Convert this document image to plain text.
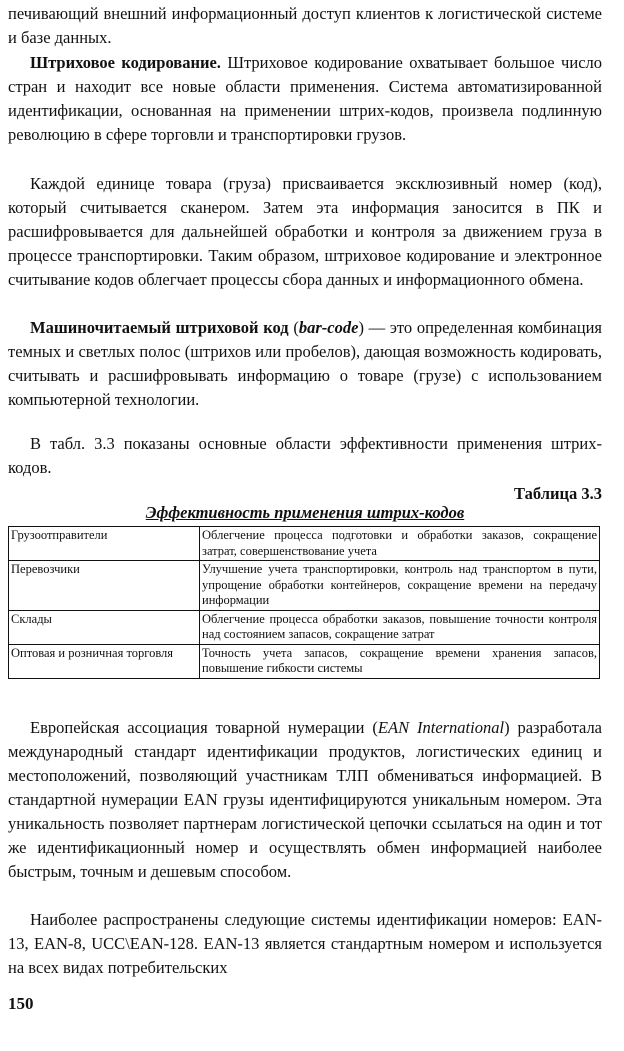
печивающий внешний информационный доступ клиентов к логистической системе и базе данных.

Штриховое кодирование. Штриховое кодирование охватывает большое число стран и находит все новые области применения. Система автоматизированной идентификации, основанная на применении штрих-кодов, произвела подлинную революцию в сфере торговли и транспортировки грузов.

Каждой единице товара (груза) присваивается эксклюзивный номер (код), который считывается сканером. Затем эта информация заносится в ПК и расшифровывается для дальнейшей обработки и контроля за движением груза в процессе транспортировки. Таким образом, штриховое кодирование и электронное считывание кодов облегчает процессы сбора данных и информационного обмена.

Машиночитаемый штриховой код (bar-code) — это определенная комбинация темных и светлых полос (штрихов или пробелов), дающая возможность кодировать, считывать и расшифровывать информацию о товаре (грузе) с использованием компьютерной технологии.

В табл. 3.3 показаны основные области эффективности применения штрих-кодов.

Таблица 3.3
Эффективность применения штрих-кодов
Грузоотправители	Облегчение процесса подготовки и обработки заказов, сокращение затрат, совершенствование учета
Перевозчики	Улучшение учета транспортировки, контроль над транспортом в пути, упрощение обработки контейнеров, сокращение времени на передачу информации
Склады	Облегчение процесса обработки заказов, повышение точности контроля над состоянием запасов, сокращение затрат
Оптовая и розничная торговля	Точность учета запасов, сокращение времени хранения запасов, повышение гибкости системы

Европейская ассоциация товарной нумерации (EAN International) разработала международный стандарт идентификации продуктов, логистических единиц и местоположений, позволяющий участникам ТЛП обмениваться информацией. В стандартной нумерации EAN грузы идентифицируются уникальным номером. Эта уникальность позволяет партнерам логистической цепочки ссылаться на один и тот же идентификационный номер и осуществлять обмен информацией наиболее быстрым, точным и дешевым способом.

Наиболее распространены следующие системы идентификации номеров: EAN-13, EAN-8, UCC\EAN-128. EAN-13 является стандартным номером и используется на всех видах потребительских

150
